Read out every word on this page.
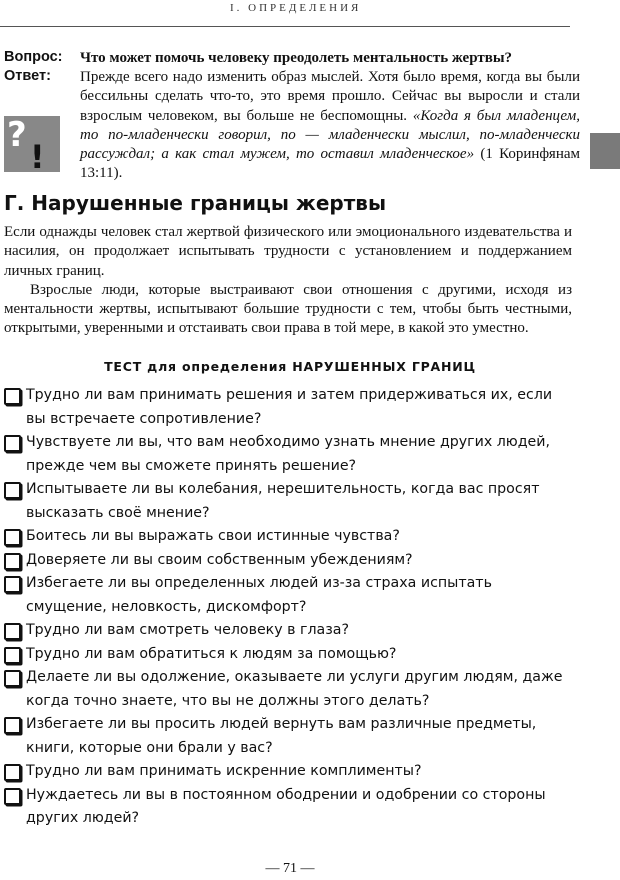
I. ОПРЕДЕЛЕНИЯ
Вопрос:	Что может помочь человеку преодолеть ментальность жертвы?
Ответ:
?
!
Прежде всего надо изменить образ мыслей. Хотя было время, когда вы были бессильны сделать что-то, это время прошло. Сейчас вы выросли и стали взрослым человеком, вы больше не беспомощны. «Когда я был младенцем, то по-младенчески говорил, по — младенчески мыслил, по-младенчески рассуждал; а как стал мужем, то оставил младенческое» (1 Коринфянам 13:11).
Г. Нарушенные границы жертвы

Если однажды человек стал жертвой физического или эмоционального издевательства и насилия, он продолжает испытывать трудности с установлением и поддержанием личных границ.

Взрослые люди, которые выстраивают свои отношения с другими, исходя из ментальности жертвы, испытывают большие трудности с тем, чтобы быть честными, открытыми, уверенными и отстаивать свои права в той мере, в какой это уместно.

ТЕСТ для определения НАРУШЕННЫХ ГРАНИЦ
Трудно ли вам принимать решения и затем придерживаться их, если вы встречаете сопротивление?
Чувствуете ли вы, что вам необходимо узнать мнение других людей, прежде чем вы сможете принять решение?
Испытываете ли вы колебания, нерешительность, когда вас просят высказать своё мнение?
Боитесь ли вы выражать свои истинные чувства?
Доверяете ли вы своим собственным убеждениям?
Избегаете ли вы определенных людей из-за страха испытать смущение, неловкость, дискомфорт?
Трудно ли вам смотреть человеку в глаза?
Трудно ли вам обратиться к людям за помощью?
Делаете ли вы одолжение, оказываете ли услуги другим людям, даже когда точно знаете, что вы не должны этого делать?
Избегаете ли вы просить людей вернуть вам различные предметы, книги, которые они брали у вас?
Трудно ли вам принимать искренние комплименты?
Нуждаетесь ли вы в постоянном ободрении и одобрении со стороны других людей?
— 71 —
